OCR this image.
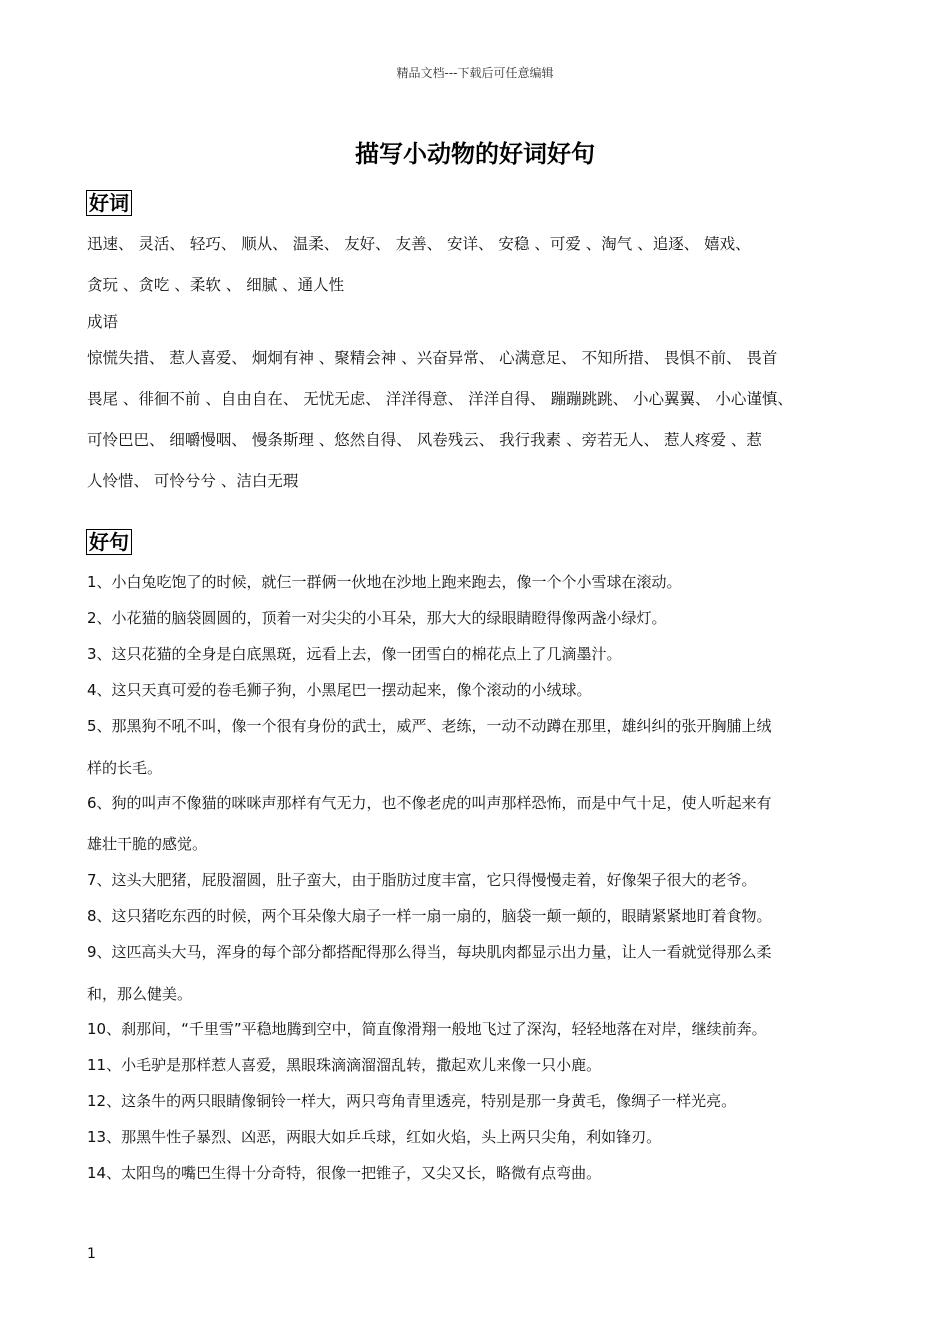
精品文档---下载后可任意编辑
描写小动物的好词好句
好词
迅速、 灵活、 轻巧、 顺从、 温柔、 友好、 友善、 安详、 安稳 、可爱 、淘气 、追逐、 嬉戏、
贪玩 、贪吃 、柔软 、 细腻 、通人性
成语
惊慌失措、 惹人喜爱、 炯炯有神 、聚精会神 、兴奋异常、 心满意足、 不知所措、 畏惧不前、 畏首
畏尾 、徘徊不前 、自由自在、 无忧无虑、 洋洋得意、 洋洋自得、 蹦蹦跳跳、 小心翼翼、 小心谨慎、
可怜巴巴、 细嚼慢咽、 慢条斯理 、悠然自得、 风卷残云、 我行我素 、旁若无人、 惹人疼爱 、惹
人怜惜、 可怜兮兮 、洁白无瑕
好句
1、小白兔吃饱了的时候，就仨一群俩一伙地在沙地上跑来跑去，像一个个小雪球在滚动。
2、小花猫的脑袋圆圆的，顶着一对尖尖的小耳朵，那大大的绿眼睛瞪得像两盏小绿灯。
3、这只花猫的全身是白底黑斑，远看上去，像一团雪白的棉花点上了几滴墨汁。
4、这只天真可爱的卷毛狮子狗，小黑尾巴一摆动起来，像个滚动的小绒球。
5、那黑狗不吼不叫，像一个很有身份的武士，威严、老练，一动不动蹲在那里，雄纠纠的张开胸脯上绒
样的长毛。
6、狗的叫声不像猫的咪咪声那样有气无力，也不像老虎的叫声那样恐怖，而是中气十足，使人听起来有
雄壮干脆的感觉。
7、这头大肥猪，屁股溜圆，肚子蛮大，由于脂肪过度丰富，它只得慢慢走着，好像架子很大的老爷。
8、这只猪吃东西的时候，两个耳朵像大扇子一样一扇一扇的，脑袋一颠一颠的，眼睛紧紧地盯着食物。
9、这匹高头大马，浑身的每个部分都搭配得那么得当，每块肌肉都显示出力量，让人一看就觉得那么柔
和，那么健美。
10、刹那间，“千里雪”平稳地腾到空中，简直像滑翔一般地飞过了深沟，轻轻地落在对岸，继续前奔。
11、小毛驴是那样惹人喜爱，黑眼珠滴滴溜溜乱转，撒起欢儿来像一只小鹿。
12、这条牛的两只眼睛像铜铃一样大，两只弯角青里透亮，特别是那一身黄毛，像绸子一样光亮。
13、那黑牛性子暴烈、凶恶，两眼大如乒乓球，红如火焰，头上两只尖角，利如锋刃。
14、太阳鸟的嘴巴生得十分奇特，很像一把锥子，又尖又长，略微有点弯曲。
1
